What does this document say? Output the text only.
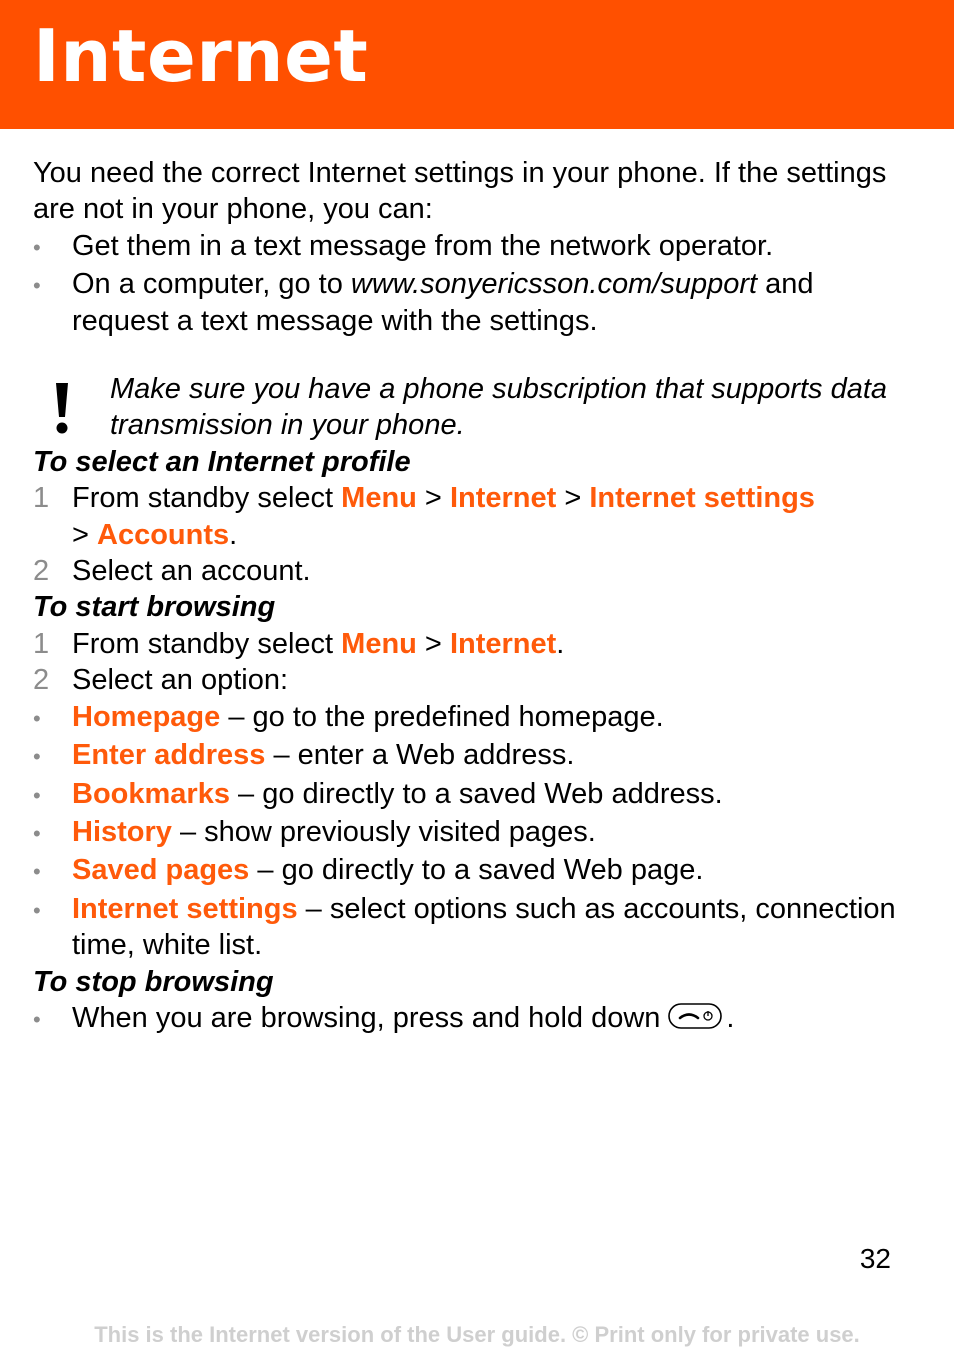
Internet

You need the correct Internet settings in your phone. If the settings are not in your phone, you can:

•	Get them in a text message from the network operator.
•	On a computer, go to www.sonyericsson.com/support and request a text message with the settings.

Make sure you have a phone subscription that supports data transmission in your phone.

To select an Internet profile

1 From standby select Menu > Internet > Internet settings
> Accounts.
2 Select an account.

To start browsing

1 From standby select Menu > Internet.
2 Select an option:
•	Homepage – go to the predefined homepage.
•	Enter address – enter a Web address.
•	Bookmarks – go directly to a saved Web address.
•	History – show previously visited pages.
•	Saved pages – go directly to a saved Web page.
•	Internet settings – select options such as accounts, connection time, white list.

To stop browsing

•	When you are browsing, press and hold down .
32
This is the Internet version of the User guide. © Print only for private use.
